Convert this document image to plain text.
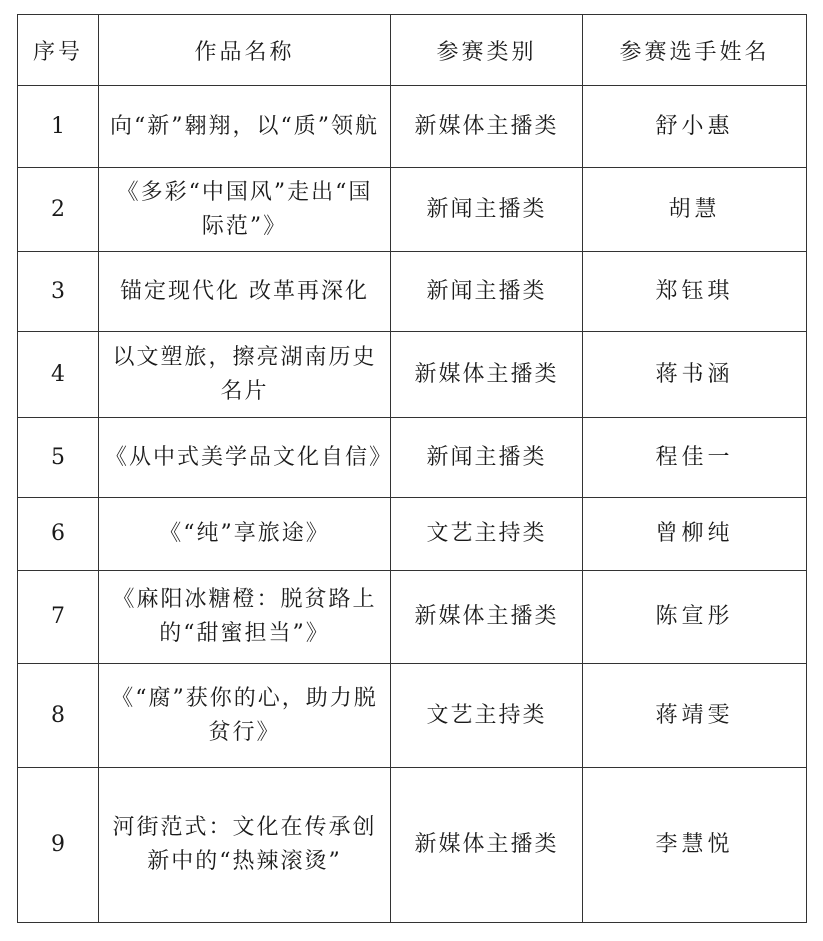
序号	作品名称	参赛类别	参赛选手姓名
1	向“新”翱翔，以“质”领航	新媒体主播类	舒小惠
2	《多彩“中国风”走出“国际范”》	新闻主播类	胡慧
3	锚定现代化 改革再深化	新闻主播类	郑钰琪
4	以文塑旅，擦亮湖南历史名片	新媒体主播类	蒋书涵
5	《从中式美学品文化自信》	新闻主播类	程佳一
6	《“纯”享旅途》	文艺主持类	曾柳纯
7	《麻阳冰糖橙：脱贫路上的“甜蜜担当”》	新媒体主播类	陈宣彤
8	《“腐”获你的心，助力脱贫行》	文艺主持类	蒋靖雯
9	河街范式：文化在传承创新中的“热辣滚烫”	新媒体主播类	李慧悦
